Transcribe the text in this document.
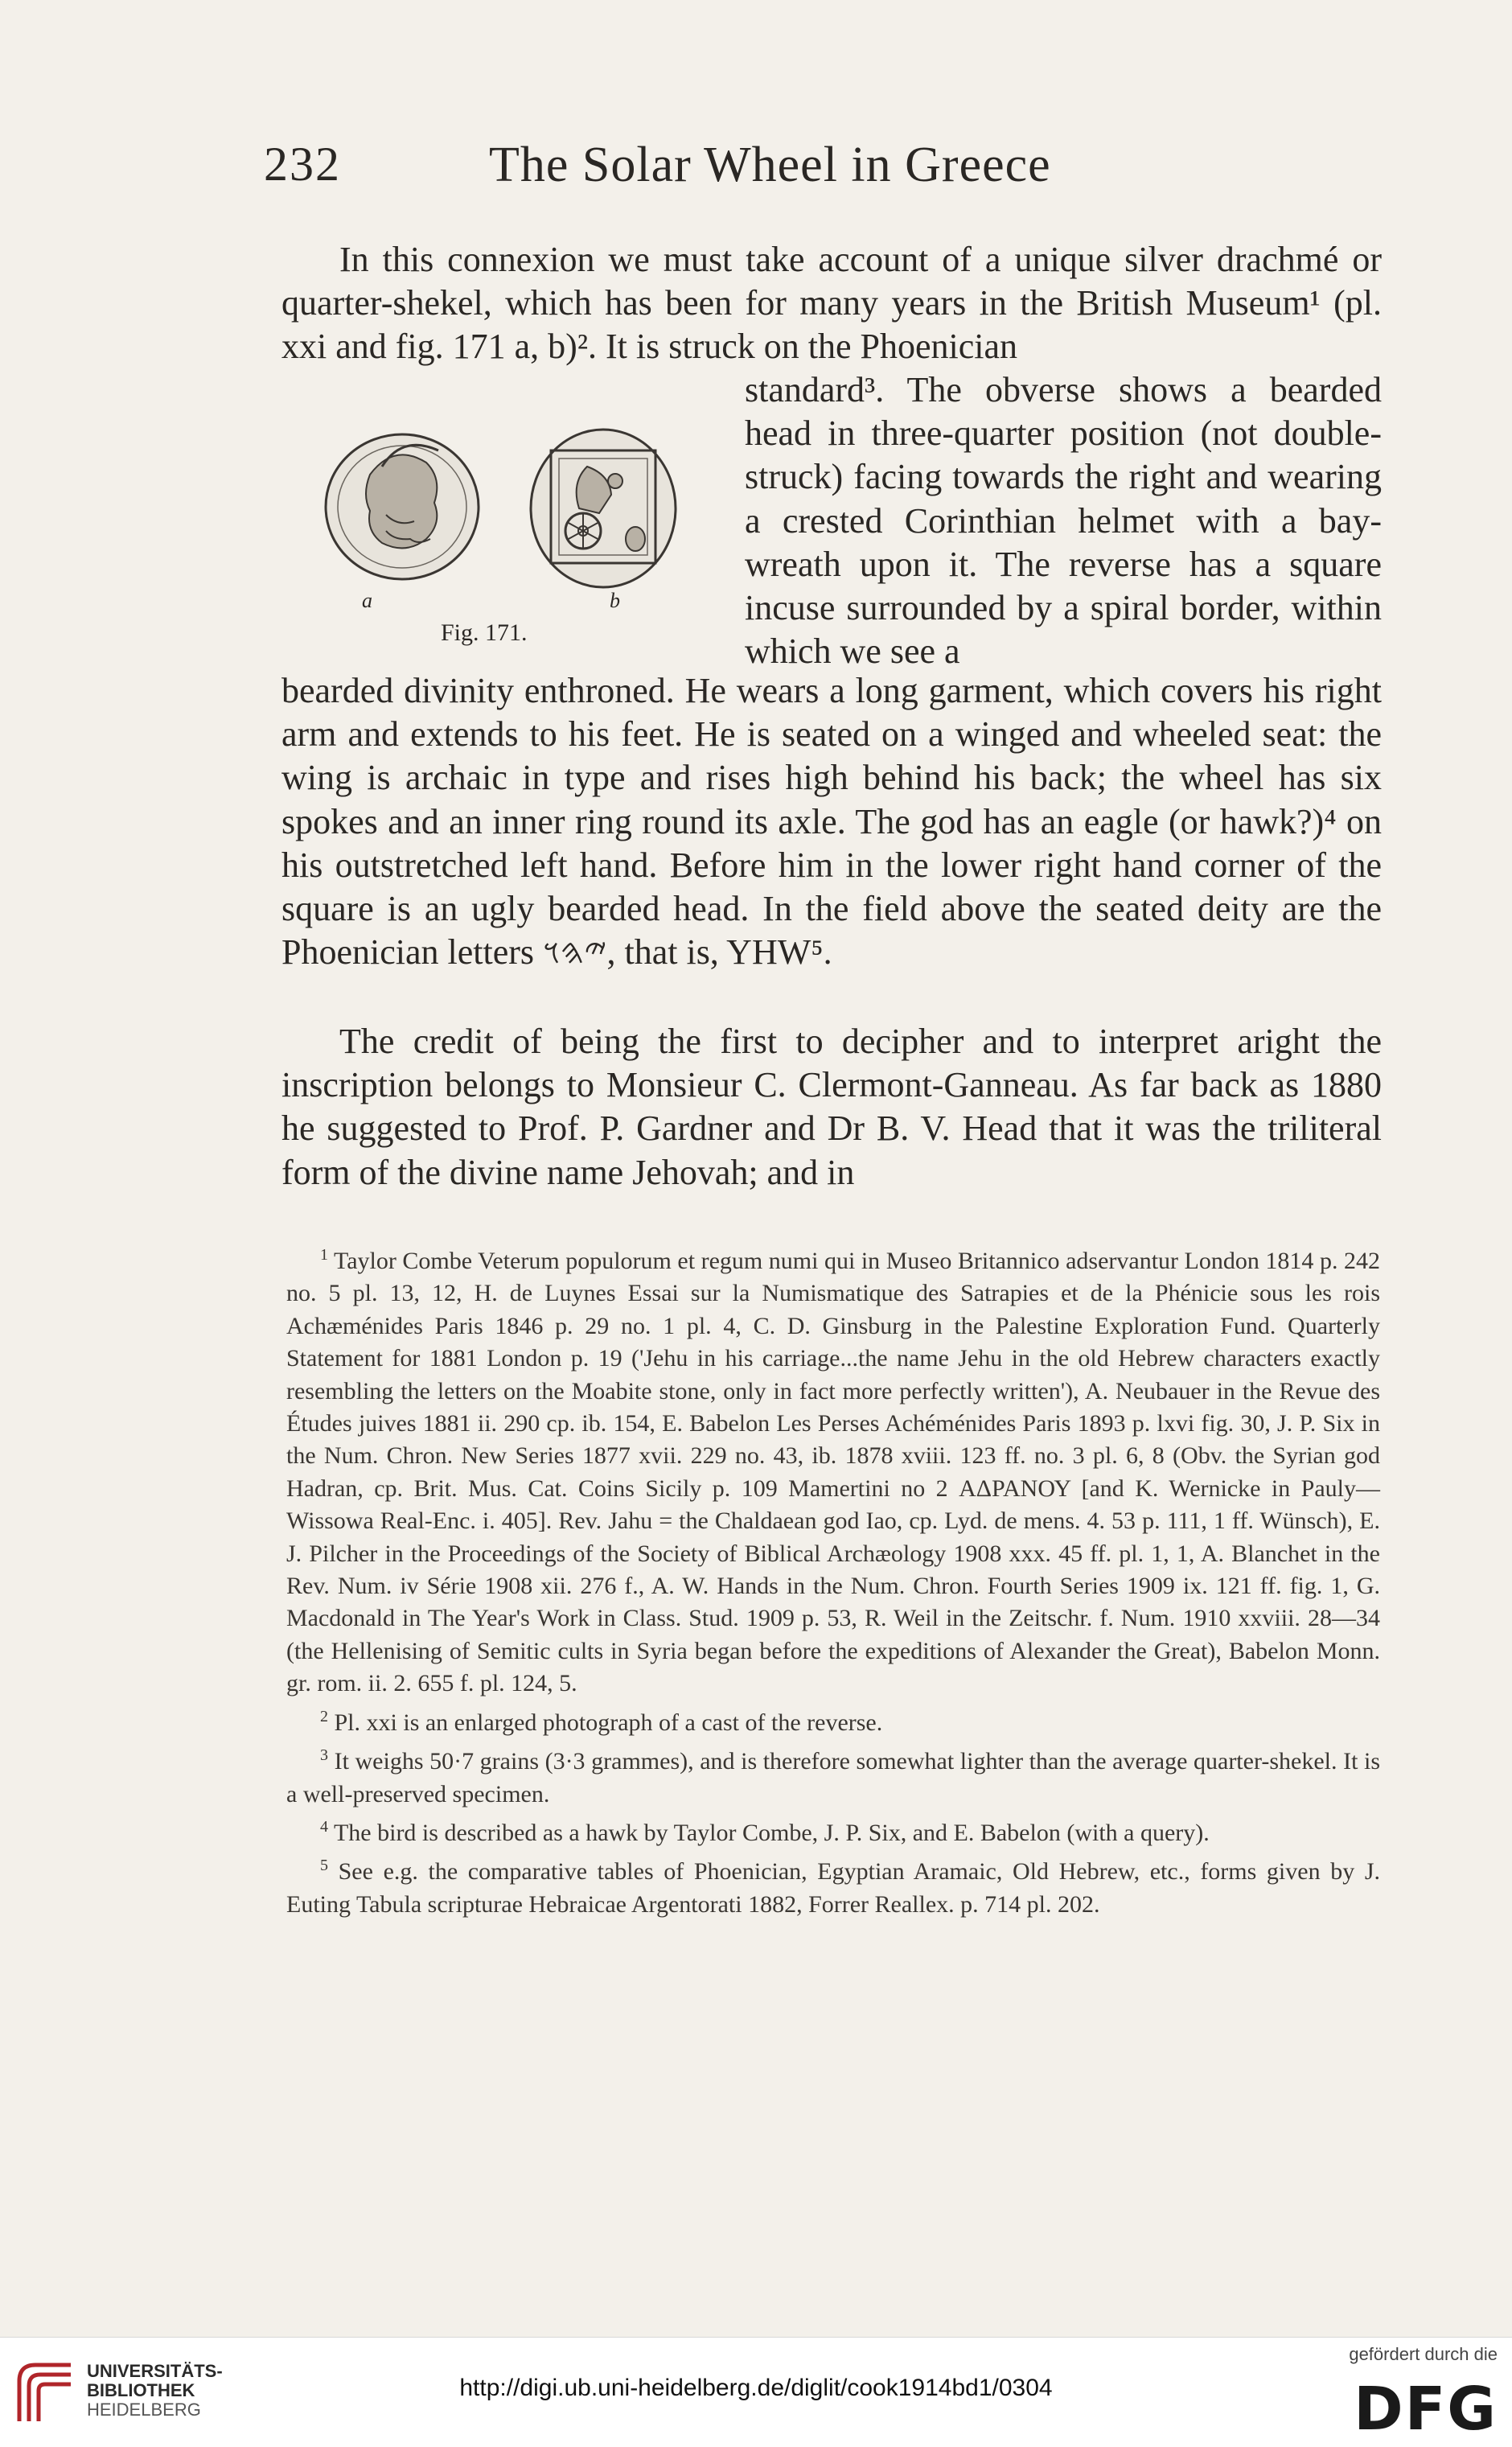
232	The Solar Wheel in Greece

In this connexion we must take account of a unique silver drachmé or quarter-shekel, which has been for many years in the British Museum¹ (pl. xxi and fig. 171 a, b)². It is struck on the Phoenician

a	b
Fig. 171.

standard³. The obverse shows a bearded head in three-quarter position (not double-struck) facing towards the right and wearing a crested Corinthian helmet with a bay-wreath upon it. The reverse has a square incuse surrounded by a spiral border, within which we see a

bearded divinity enthroned. He wears a long garment, which covers his right arm and extends to his feet. He is seated on a winged and wheeled seat: the wing is archaic in type and rises high behind his back; the wheel has six spokes and an inner ring round its axle. The god has an eagle (or hawk?)⁴ on his outstretched left hand. Before him in the lower right hand corner of the square is an ugly bearded head. In the field above the seated deity are the Phoenician letters 𐤉𐤄𐤅, that is, YHW⁵.

The credit of being the first to decipher and to interpret aright the inscription belongs to Monsieur C. Clermont-Ganneau. As far back as 1880 he suggested to Prof. P. Gardner and Dr B. V. Head that it was the triliteral form of the divine name Jehovah; and in

$^1$ Taylor Combe Veterum populorum et regum numi qui in Museo Britannico adservantur London 1814 p. 242 no. 5 pl. 13, 12, H. de Luynes Essai sur la Numismatique des Satrapies et de la Phénicie sous les rois Achæménides Paris 1846 p. 29 no. 1 pl. 4, C. D. Ginsburg in the Palestine Exploration Fund. Quarterly Statement for 1881 London p. 19 ('Jehu in his carriage...the name Jehu in the old Hebrew characters exactly resembling the letters on the Moabite stone, only in fact more perfectly written'), A. Neubauer in the Revue des Études juives 1881 ii. 290 cp. ib. 154, E. Babelon Les Perses Achéménides Paris 1893 p. lxvi fig. 30, J. P. Six in the Num. Chron. New Series 1877 xvii. 229 no. 43, ib. 1878 xviii. 123 ff. no. 3 pl. 6, 8 (Obv. the Syrian god Hadran, cp. Brit. Mus. Cat. Coins Sicily p. 109 Mamertini no 2 ΑΔΡΑΝΟΥ [and K. Wernicke in Pauly—Wissowa Real-Enc. i. 405]. Rev. Jahu = the Chaldaean god Iao, cp. Lyd. de mens. 4. 53 p. 111, 1 ff. Wünsch), E. J. Pilcher in the Proceedings of the Society of Biblical Archæology 1908 xxx. 45 ff. pl. 1, 1, A. Blanchet in the Rev. Num. iv Série 1908 xii. 276 f., A. W. Hands in the Num. Chron. Fourth Series 1909 ix. 121 ff. fig. 1, G. Macdonald in The Year's Work in Class. Stud. 1909 p. 53, R. Weil in the Zeitschr. f. Num. 1910 xxviii. 28—34 (the Hellenising of Semitic cults in Syria began before the expeditions of Alexander the Great), Babelon Monn. gr. rom. ii. 2. 655 f. pl. 124, 5.

$^2$ Pl. xxi is an enlarged photograph of a cast of the reverse.

$^3$ It weighs 50·7 grains (3·3 grammes), and is therefore somewhat lighter than the average quarter-shekel. It is a well-preserved specimen.

$^4$ The bird is described as a hawk by Taylor Combe, J. P. Six, and E. Babelon (with a query).

$^5$ See e.g. the comparative tables of Phoenician, Egyptian Aramaic, Old Hebrew, etc., forms given by J. Euting Tabula scripturae Hebraicae Argentorati 1882, Forrer Reallex. p. 714 pl. 202.

UNIVERSITÄTS-
BIBLIOTHEK
HEIDELBERG
http://digi.ub.uni-heidelberg.de/diglit/cook1914bd1/0304
gefördert durch die
DFG
